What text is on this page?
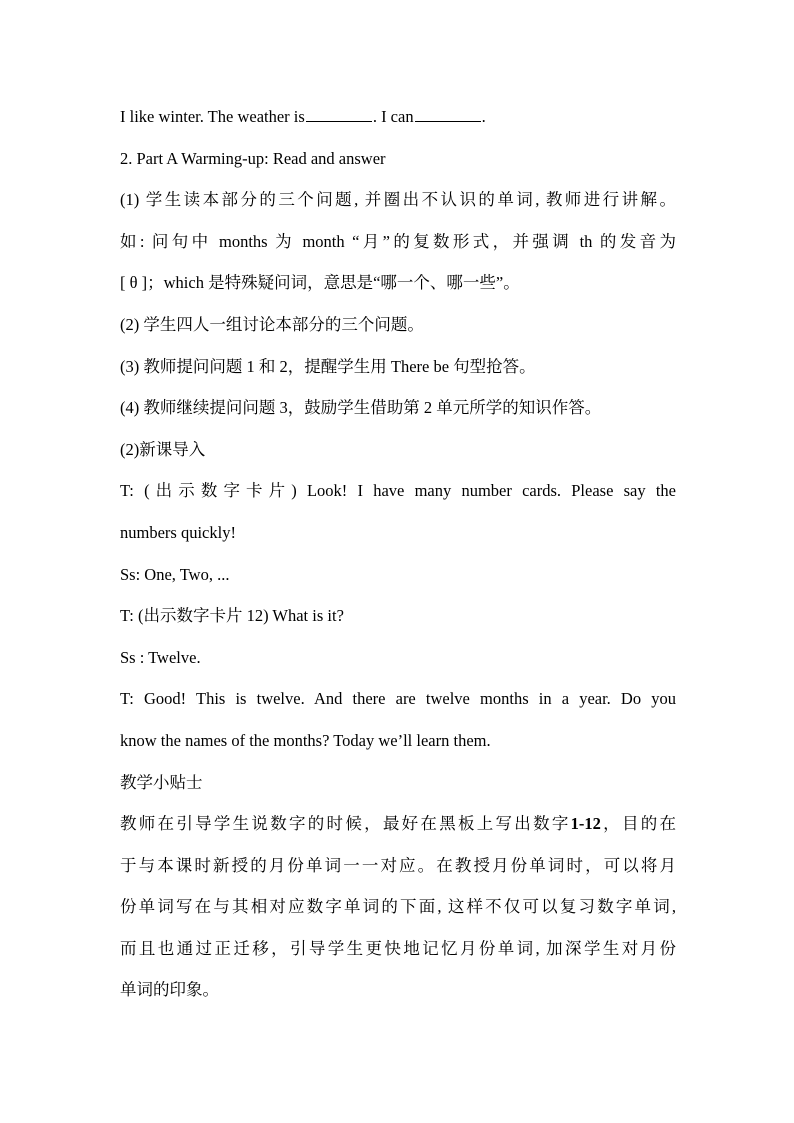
I like winter. The weather is	. I can	.
2. Part A Warming-up: Read and answer
(1) 学生读本部分的三个问题, 并圈出不认识的单词, 教师进行讲解。
如: 问句中 months 为 month “月”的复数形式，并强调 th 的发音为
[ θ ]；which 是特殊疑问词，意思是“哪一个、哪一些”。
(2) 学生四人一组讨论本部分的三个问题。
(3) 教师提问问题 1 和 2，提醒学生用 There be 句型抢答。
(4) 教师继续提问问题 3，鼓励学生借助第 2 单元所学的知识作答。
(2)新课导入
T: (出示数字卡片) Look! I have many number cards. Please say the
numbers quickly!
Ss: One, Two, ...
T: (出示数字卡片 12) What is it?
Ss : Twelve.
T: Good! This is twelve. And there are twelve months in a year. Do you
know the names of the months? Today we’ll learn them.
教学小贴士
教师在引导学生说数字的时候，最好在黑板上写出数字1-12，目的在
于与本课时新授的月份单词一一对应。在教授月份单词时，可以将月
份单词写在与其相对应数字单词的下面, 这样不仅可以复习数字单词,
而且也通过正迁移，引导学生更快地记忆月份单词, 加深学生对月份
单词的印象。
